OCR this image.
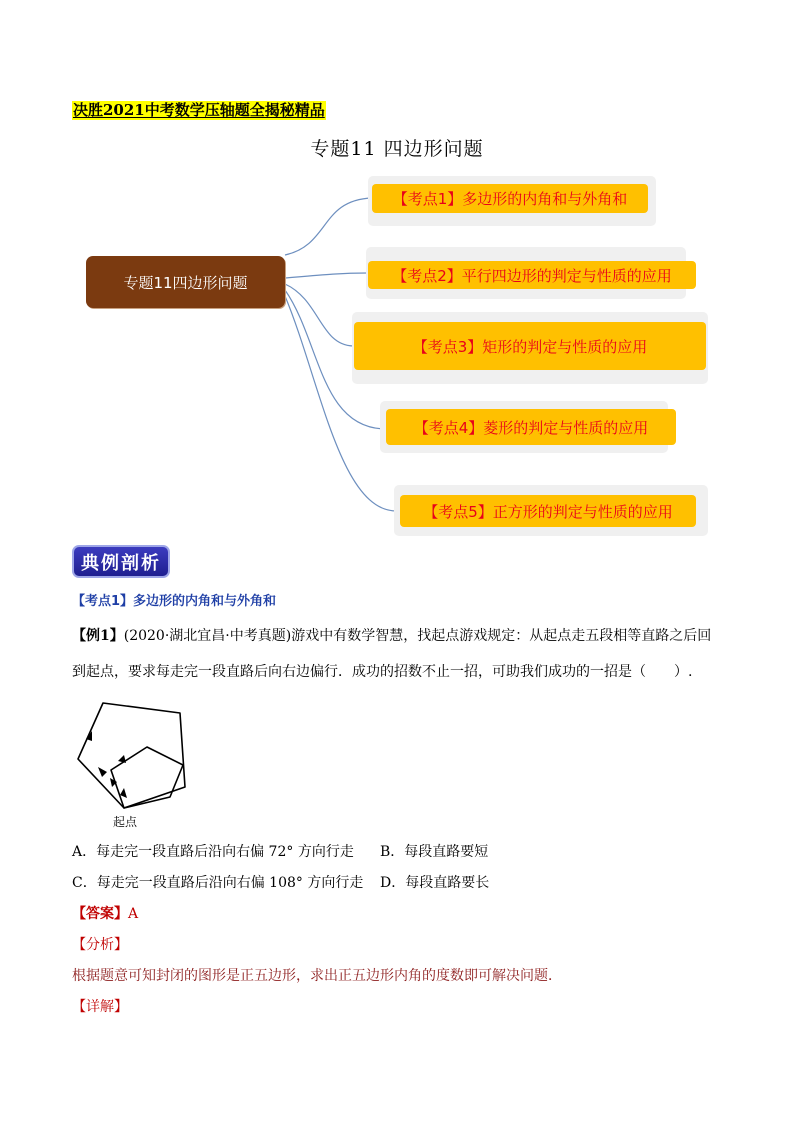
决胜2021中考数学压轴题全揭秘精品
专题11 四边形问题
专题11四边形问题
【考点1】多边形的内角和与外角和
【考点2】平行四边形的判定与性质的应用
【考点3】矩形的判定与性质的应用
【考点4】菱形的判定与性质的应用
【考点5】正方形的判定与性质的应用
典例剖析
【考点1】多边形的内角和与外角和
【例1】(2020·湖北宜昌·中考真题)游戏中有数学智慧，找起点游戏规定：从起点走五段相等直路之后回
到起点，要求每走完一段直路后向右边偏行．成功的招数不止一招，可助我们成功的一招是（　　）.
起点
A．每走完一段直路后沿向右偏 72° 方向行走 B．每段直路要短
C．每走完一段直路后沿向右偏 108° 方向行走 D．每段直路要长
【答案】A
【分析】
根据题意可知封闭的图形是正五边形，求出正五边形内角的度数即可解决问题．
【详解】
